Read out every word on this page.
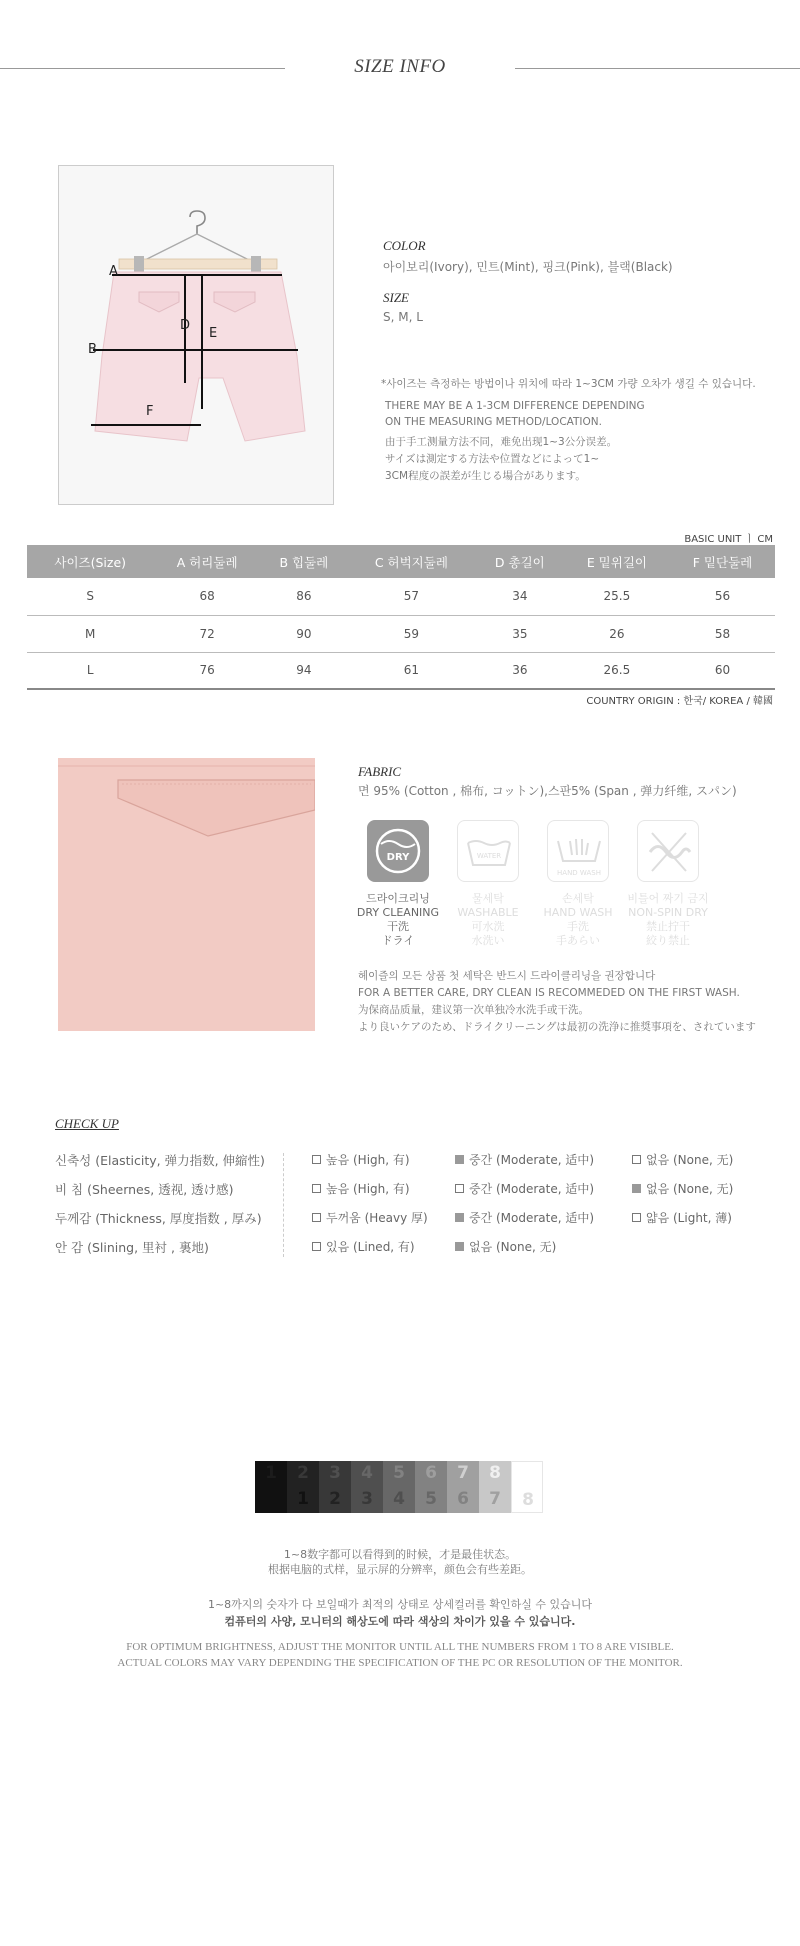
SIZE INFO
A
B
D
E
F
COLOR
아이보리(Ivory), 민트(Mint), 핑크(Pink), 블랙(Black)
SIZE
S, M, L
*사이즈는 측정하는 방법이나 위치에 따라 1~3CM 가량 오차가 생길 수 있습니다.
THERE MAY BE A 1-3CM DIFFERENCE DEPENDING
ON THE MEASURING METHOD/LOCATION.
由于手工测量方法不同，难免出现1~3公分误差。
サイズは測定する方法や位置などによって1~
3CM程度の誤差が生じる場合があります。
BASIC UNIT ㅣ CM
사이즈(Size)	A 허리둘레	B 힙둘레	C 허벅지둘레	D 총길이	E 밑위길이	F 밑단둘레
S	68	86	57	34	25.5	56
M	72	90	59	35	26	58
L	76	94	61	36	26.5	60
COUNTRY ORIGIN : 한국/ KOREA / 韓國
FABRIC
면 95% (Cotton , 棉布, コットン),스판5% (Span , 弹力纤维, スパン)
DRY	WATER
HAND WASH
드라이크리닝
DRY CLEANING
干洗
ドライ
물세탁
WASHABLE
可水洗
水洗い
손세탁
HAND WASH
手洗
手あらい
비틀어 짜기 금지
NON-SPIN DRY
禁止拧干
絞り禁止
헤이즐의 모든 상품 첫 세탁은 반드시 드라이클리닝을 권장합니다
FOR A BETTER CARE, DRY CLEAN IS RECOMMEDED ON THE FIRST WASH.
为保商品质量，建议第一次单独冷水洗手或干洗。
より良いケアのため、ドライクリーニングは最初の洗浄に推奨事項を、されています
CHECK UP
신축성 (Elasticity, 弹力指数, 伸縮性)	높음 (High, 有)	중간 (Moderate, 适中)	없음 (None, 无)
비 침 (Sheernes, 透视, 透け感)	높음 (High, 有)	중간 (Moderate, 适中)	없음 (None, 无)
두께감 (Thickness, 厚度指数 , 厚み)	두꺼움 (Heavy 厚)	중간 (Moderate, 适中)	얇음 (Light, 薄)
안 감 (Slining, 里衬 , 裏地)	있음 (Lined, 有)	없음 (None, 无)
1	2
1
3
2
4
3
5
4
6
5
7
6
8
7	8
1~8数字都可以看得到的时候，才是最佳状态。
根据电脑的式样，显示屏的分辨率，颜色会有些差距。
1~8까지의 숫자가 다 보일때가 최적의 상태로 상세컬러를 확인하실 수 있습니다
컴퓨터의 사양, 모니터의 해상도에 따라 색상의 차이가 있을 수 있습니다.
FOR OPTIMUM BRIGHTNESS, ADJUST THE MONITOR UNTIL ALL THE NUMBERS FROM 1 TO 8 ARE VISIBLE.
ACTUAL COLORS MAY VARY DEPENDING THE SPECIFICATION OF THE PC OR RESOLUTION OF THE MONITOR.
